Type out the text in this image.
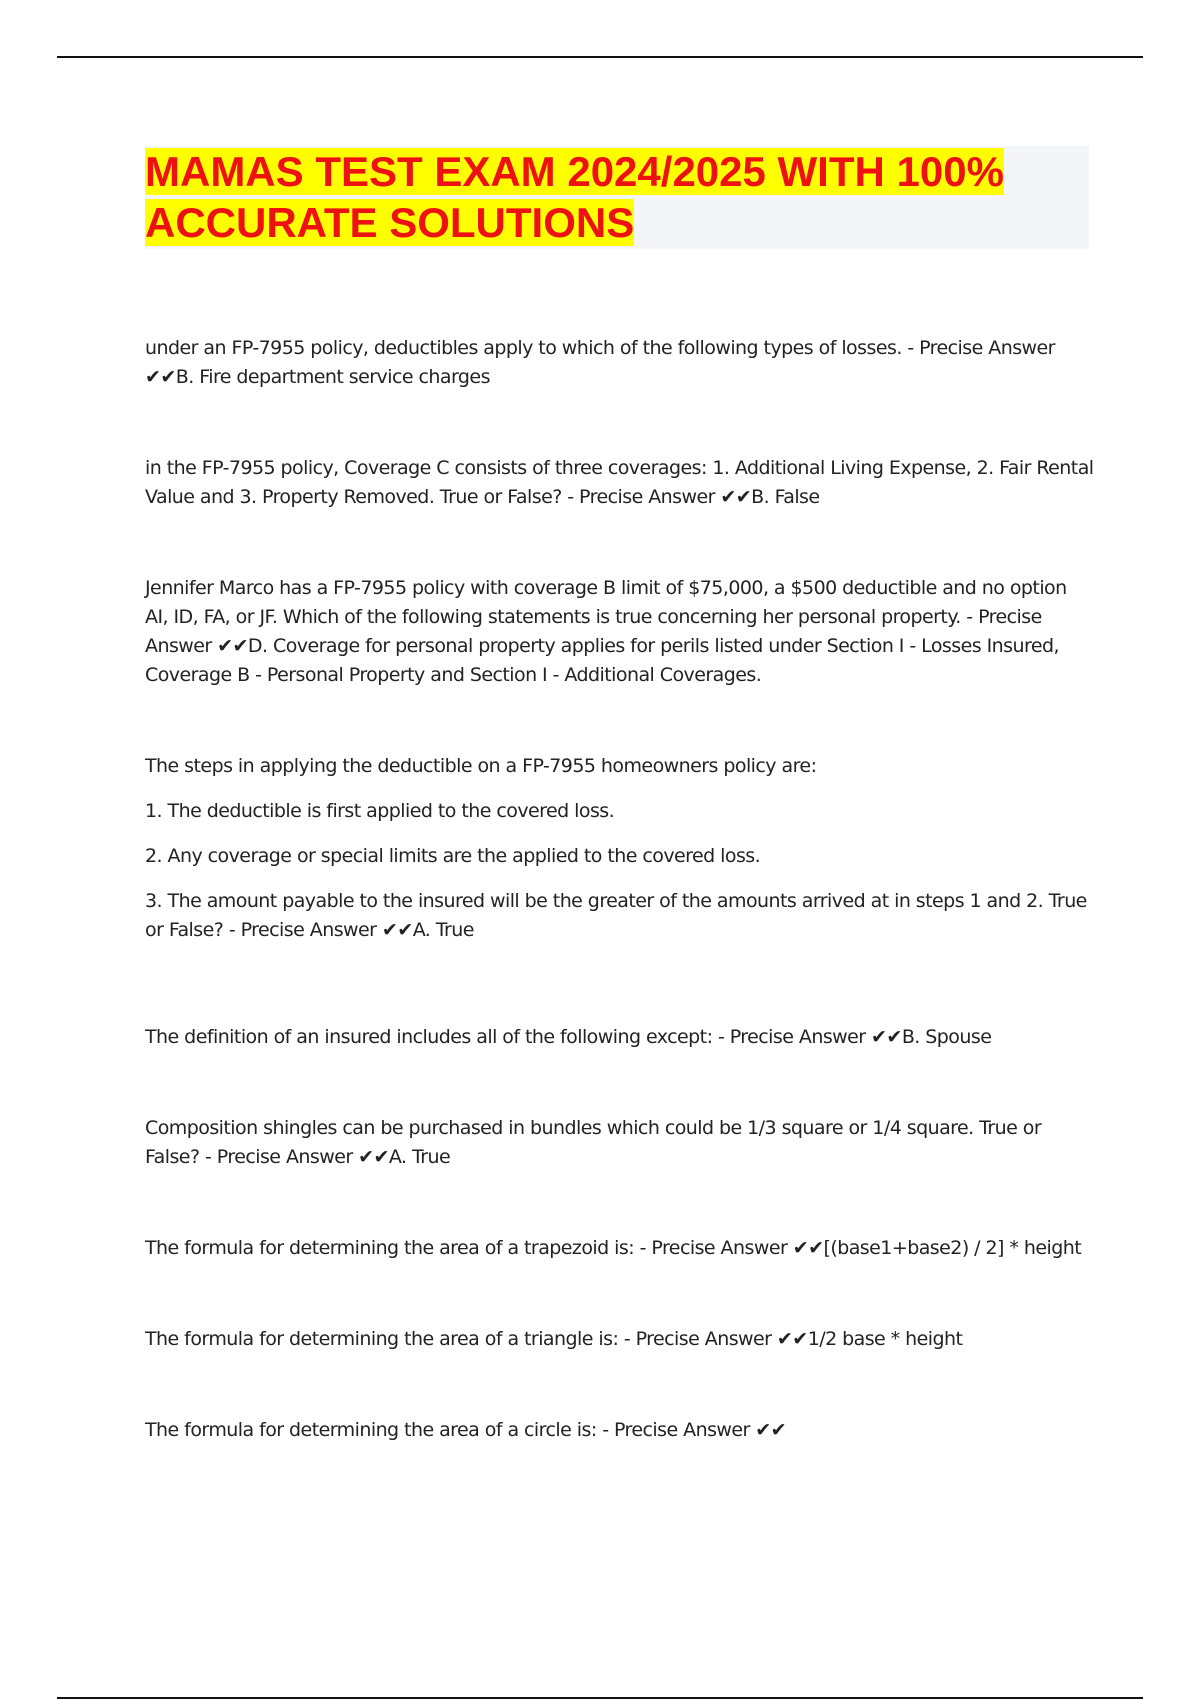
MAMAS TEST EXAM 2024/2025 WITH 100%
ACCURATE SOLUTIONS

under an FP-7955 policy, deductibles apply to which of the following types of losses. - Precise Answer ✔✔B. Fire department service charges

in the FP-7955 policy, Coverage C consists of three coverages: 1. Additional Living Expense, 2. Fair Rental Value and 3. Property Removed. True or False? - Precise Answer ✔✔B. False

Jennifer Marco has a FP-7955 policy with coverage B limit of $75,000, a $500 deductible and no option AI, ID, FA, or JF. Which of the following statements is true concerning her personal property. - Precise Answer ✔✔D. Coverage for personal property applies for perils listed under Section I - Losses Insured, Coverage B - Personal Property and Section I - Additional Coverages.

The steps in applying the deductible on a FP-7955 homeowners policy are:

1. The deductible is first applied to the covered loss.

2. Any coverage or special limits are the applied to the covered loss.

3. The amount payable to the insured will be the greater of the amounts arrived at in steps 1 and 2. True or False? - Precise Answer ✔✔A. True

The definition of an insured includes all of the following except: - Precise Answer ✔✔B. Spouse

Composition shingles can be purchased in bundles which could be 1/3 square or 1/4 square. True or False? - Precise Answer ✔✔A. True

The formula for determining the area of a trapezoid is: - Precise Answer ✔✔[(base1+base2) / 2] * height

The formula for determining the area of a triangle is: - Precise Answer ✔✔1/2 base * height

The formula for determining the area of a circle is: - Precise Answer ✔✔
